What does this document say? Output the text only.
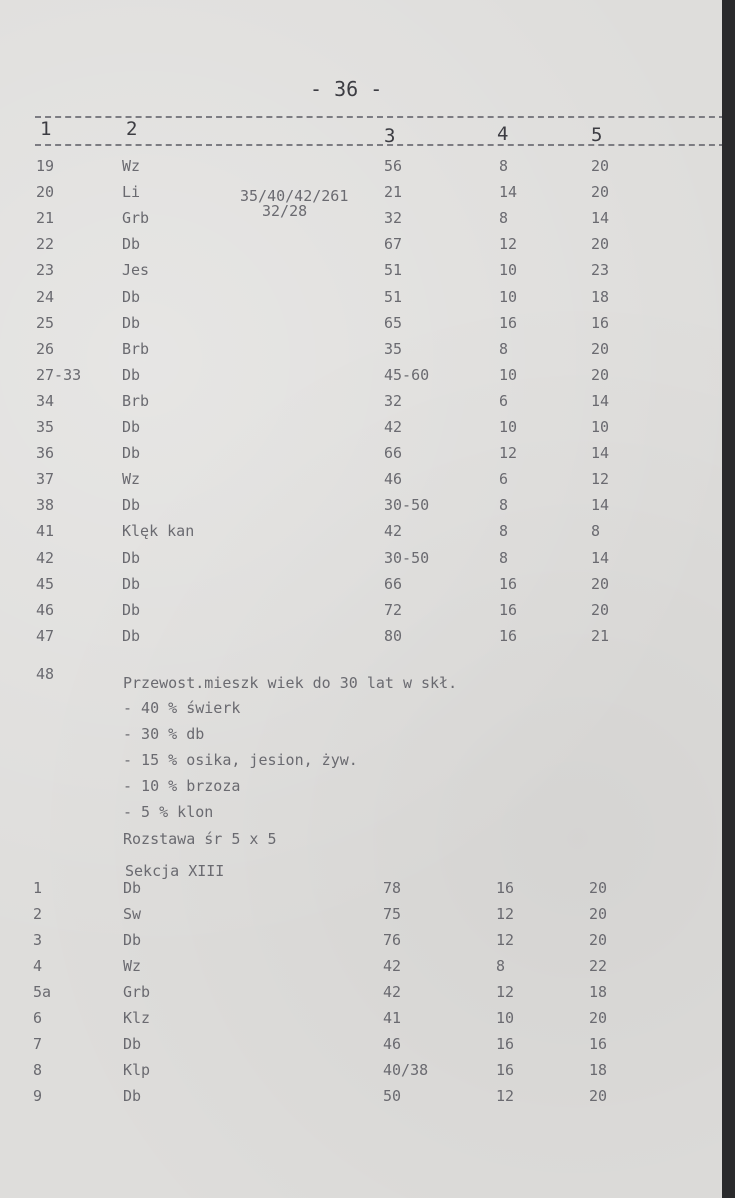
- 36 -
1	2	3	4	5
19	Wz	56	8	20
20	Li	21	14	20
21	Grb	32	8	14
22	Db	67	12	20
23	Jes	51	10	23
24	Db	51	10	18
25	Db	65	16	16
26	Brb	35	8	20
27-33	Db	45-60	10	20
34	Brb	32	6	14
35	Db	42	10	10
36	Db	66	12	14
37	Wz	46	6	12
38	Db	30-50	8	14
41	Klęk kan	42	8	8
42	Db	30-50	8	14
45	Db	66	16	20
46	Db	72	16	20
47	Db	80	16	21
35/40/42/261
32/28
48	Przewost.mieszk wiek do 30 lat w skł.
- 40 % świerk
- 30 % db
- 15 % osika, jesion, żyw.
- 10 % brzoza
- 5 % klon
Rozstawa śr 5 x 5
Sekcja XIII
1	Db	78	16	20
2	Sw	75	12	20
3	Db	76	12	20
4	Wz	42	8	22
5a	Grb	42	12	18
6	Klz	41	10	20
7	Db	46	16	16
8	Klp	40/38	16	18
9	Db	50	12	20
